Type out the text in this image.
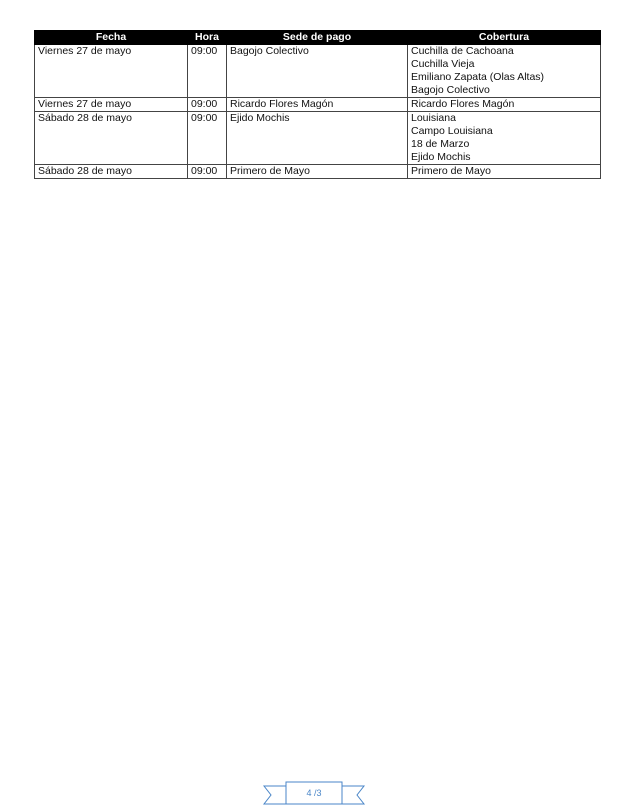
Fecha	Hora	Sede de pago	Cobertura
Viernes 27 de mayo	09:00	Bagojo Colectivo	Cuchilla de Cachoana
Cuchilla Vieja
Emiliano Zapata (Olas Altas)
Bagojo Colectivo

Viernes 27 de mayo	09:00	Ricardo Flores Magón	Ricardo Flores Magón

Sábado 28 de mayo	09:00	Ejido Mochis	Louisiana
Campo Louisiana
18 de Marzo
Ejido Mochis

Sábado 28 de mayo	09:00	Primero de Mayo	Primero de Mayo
4 /3
